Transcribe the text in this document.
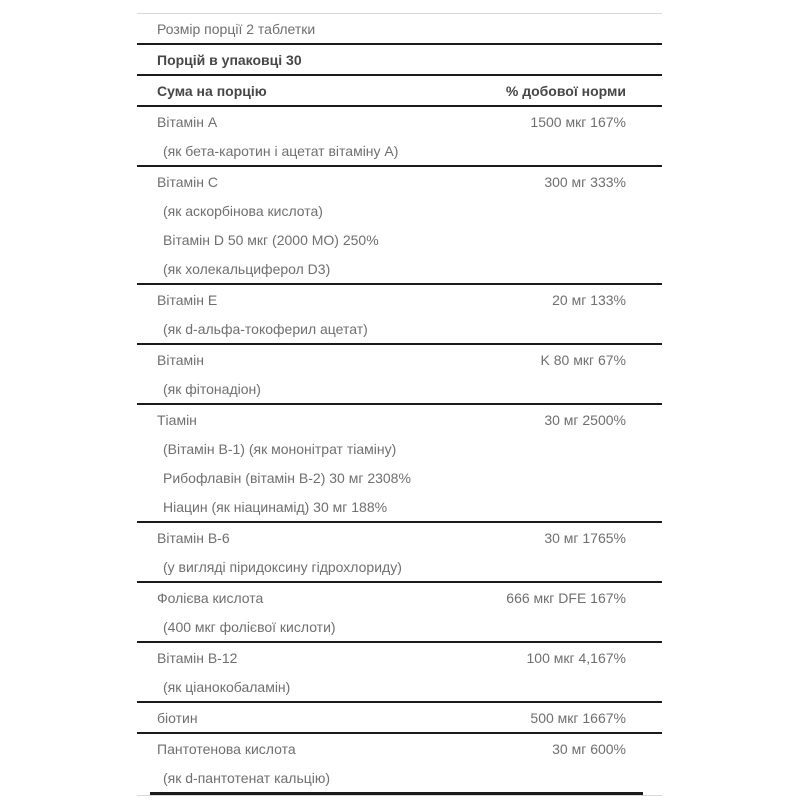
Розмір порції 2 таблетки
Порцій в упаковці 30
Сума на порцію	% добової норми
Вітамін A	1500 мкг 167%
(як бета-каротин і ацетат вітаміну А)
Вітамін C	300 мг 333%
(як аскорбінова кислота)
Вітамін D 50 мкг (2000 МО) 250%
(як холекальциферол D3)
Вітамін E	20 мг 133%
(як d-альфа-токоферил ацетат)
Вітамін	K 80 мкг 67%
(як фітонадіон)
Тіамін	30 мг 2500%
(Вітамін B-1) (як мононітрат тіаміну)
Рибофлавін (вітамін B-2) 30 мг 2308%
Ніацин (як ніацинамід) 30 мг 188%
Вітамін B-6	30 мг 1765%
(у вигляді піридоксину гідрохлориду)
Фолієва кислота	666 мкг DFE 167%
(400 мкг фолієвої кислоти)
Вітамін B-12	100 мкг 4,167%
(як ціанокобаламін)
біотин	500 мкг 1667%
Пантотенова кислота	30 мг 600%
(як d-пантотенат кальцію)
